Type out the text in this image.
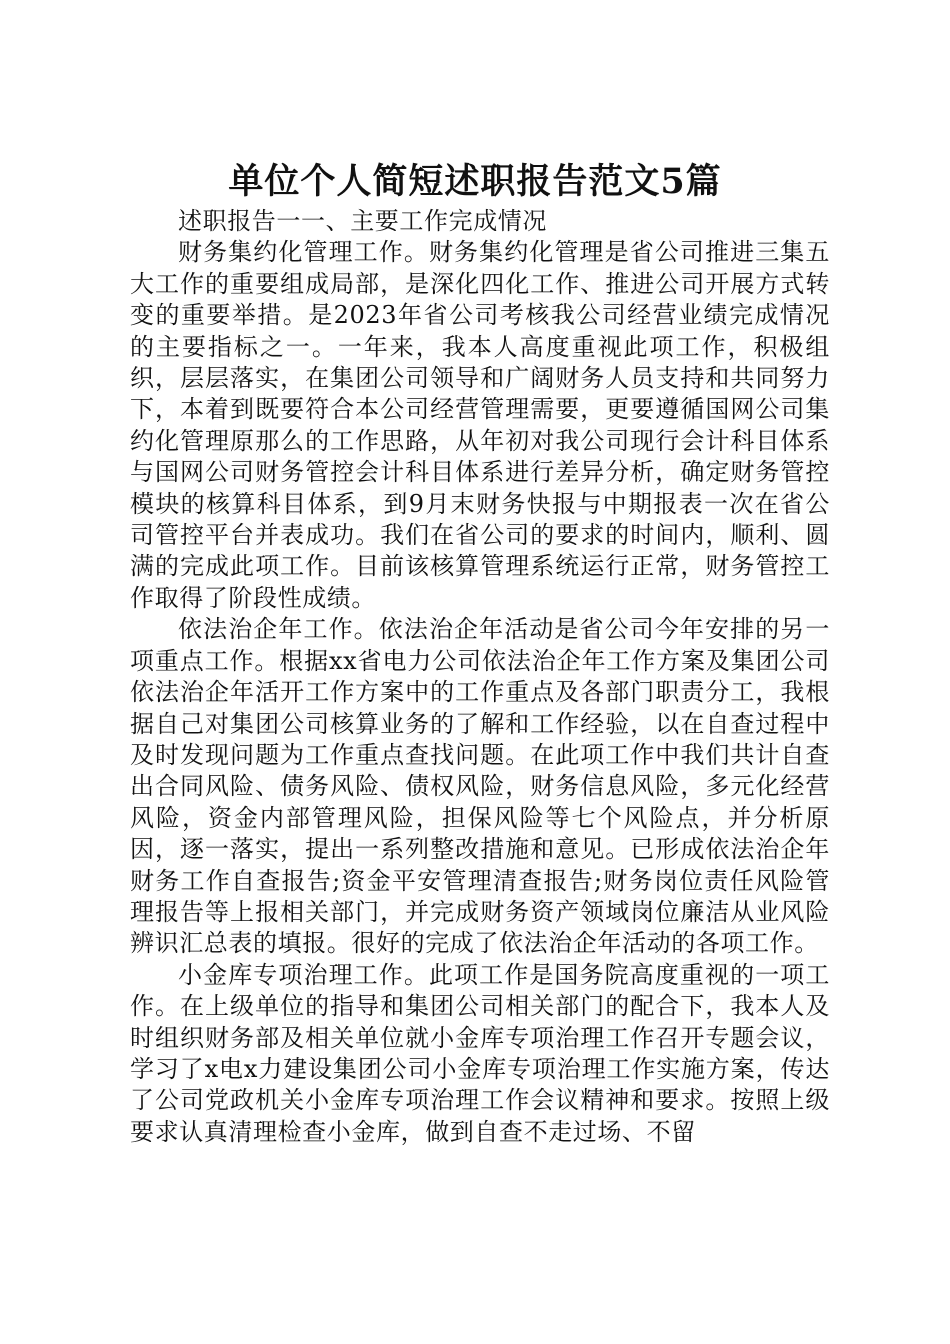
单位个人简短述职报告范文5篇

述职报告一一、主要工作完成情况

财务集约化管理工作。财务集约化管理是省公司推进三集五大工作的重要组成局部，是深化四化工作、推进公司开展方式转变的重要举措。是2023年省公司考核我公司经营业绩完成情况的主要指标之一。一年来，我本人高度重视此项工作，积极组织，层层落实，在集团公司领导和广阔财务人员支持和共同努力下，本着到既要符合本公司经营管理需要，更要遵循国网公司集约化管理原那么的工作思路，从年初对我公司现行会计科目体系与国网公司财务管控会计科目体系进行差异分析，确定财务管控模块的核算科目体系，到9月末财务快报与中期报表一次在省公司管控平台并表成功。我们在省公司的要求的时间内，顺利、圆满的完成此项工作。目前该核算管理系统运行正常，财务管控工作取得了阶段性成绩。

依法治企年工作。依法治企年活动是省公司今年安排的另一项重点工作。根据xx省电力公司依法治企年工作方案及集团公司依法治企年活开工作方案中的工作重点及各部门职责分工，我根据自己对集团公司核算业务的了解和工作经验，以在自查过程中及时发现问题为工作重点查找问题。在此项工作中我们共计自查出合同风险、债务风险、债权风险，财务信息风险，多元化经营风险，资金内部管理风险，担保风险等七个风险点，并分析原因，逐一落实，提出一系列整改措施和意见。已形成依法治企年财务工作自查报告;资金平安管理清查报告;财务岗位责任风险管理报告等上报相关部门，并完成财务资产领域岗位廉洁从业风险辨识汇总表的填报。很好的完成了依法治企年活动的各项工作。

小金库专项治理工作。此项工作是国务院高度重视的一项工作。在上级单位的指导和集团公司相关部门的配合下，我本人及时组织财务部及相关单位就小金库专项治理工作召开专题会议，学习了x电x力建设集团公司小金库专项治理工作实施方案，传达了公司党政机关小金库专项治理工作会议精神和要求。按照上级要求认真清理检查小金库，做到自查不走过场、不留
